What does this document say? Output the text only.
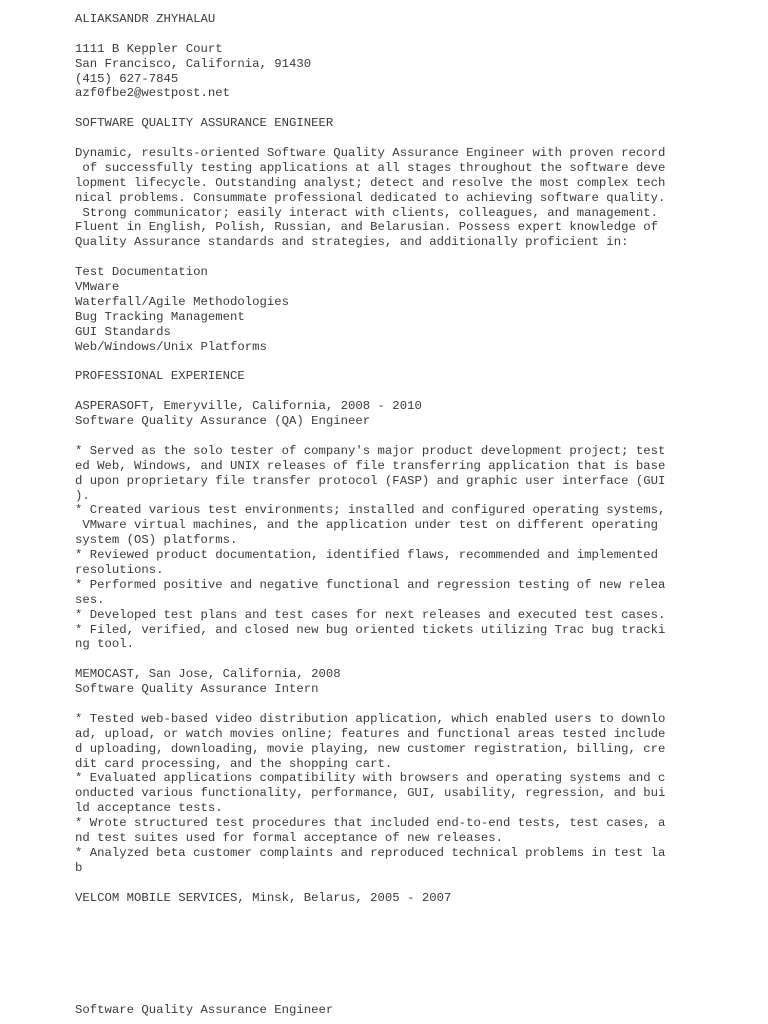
ALIAKSANDR ZHYHALAU
1111 B Keppler Court
San Francisco, California, 91430
(415) 627-7845
azf0fbe2@westpost.net
SOFTWARE QUALITY ASSURANCE ENGINEER
Dynamic, results-oriented Software Quality Assurance Engineer with proven record
of successfully testing applications at all stages throughout the software deve
lopment lifecycle. Outstanding analyst; detect and resolve the most complex tech
nical problems. Consummate professional dedicated to achieving software quality.
Strong communicator; easily interact with clients, colleagues, and management.
Fluent in English, Polish, Russian, and Belarusian. Possess expert knowledge of
Quality Assurance standards and strategies, and additionally proficient in:
Test Documentation
VMware
Waterfall/Agile Methodologies
Bug Tracking Management
GUI Standards
Web/Windows/Unix Platforms
PROFESSIONAL EXPERIENCE
ASPERASOFT, Emeryville, California, 2008 - 2010
Software Quality Assurance (QA) Engineer
* Served as the solo tester of company's major product development project; test
ed Web, Windows, and UNIX releases of file transferring application that is base
d upon proprietary file transfer protocol (FASP) and graphic user interface (GUI
).
* Created various test environments; installed and configured operating systems,
VMware virtual machines, and the application under test on different operating
system (OS) platforms.
* Reviewed product documentation, identified flaws, recommended and implemented
resolutions.
* Performed positive and negative functional and regression testing of new relea
ses.
* Developed test plans and test cases for next releases and executed test cases.
* Filed, verified, and closed new bug oriented tickets utilizing Trac bug tracki
ng tool.
MEMOCAST, San Jose, California, 2008
Software Quality Assurance Intern
* Tested web-based video distribution application, which enabled users to downlo
ad, upload, or watch movies online; features and functional areas tested include
d uploading, downloading, movie playing, new customer registration, billing, cre
dit card processing, and the shopping cart.
* Evaluated applications compatibility with browsers and operating systems and c
onducted various functionality, performance, GUI, usability, regression, and bui
ld acceptance tests.
* Wrote structured test procedures that included end-to-end tests, test cases, a
nd test suites used for formal acceptance of new releases.
* Analyzed beta customer complaints and reproduced technical problems in test la
b
VELCOM MOBILE SERVICES, Minsk, Belarus, 2005 - 2007
Software Quality Assurance Engineer
